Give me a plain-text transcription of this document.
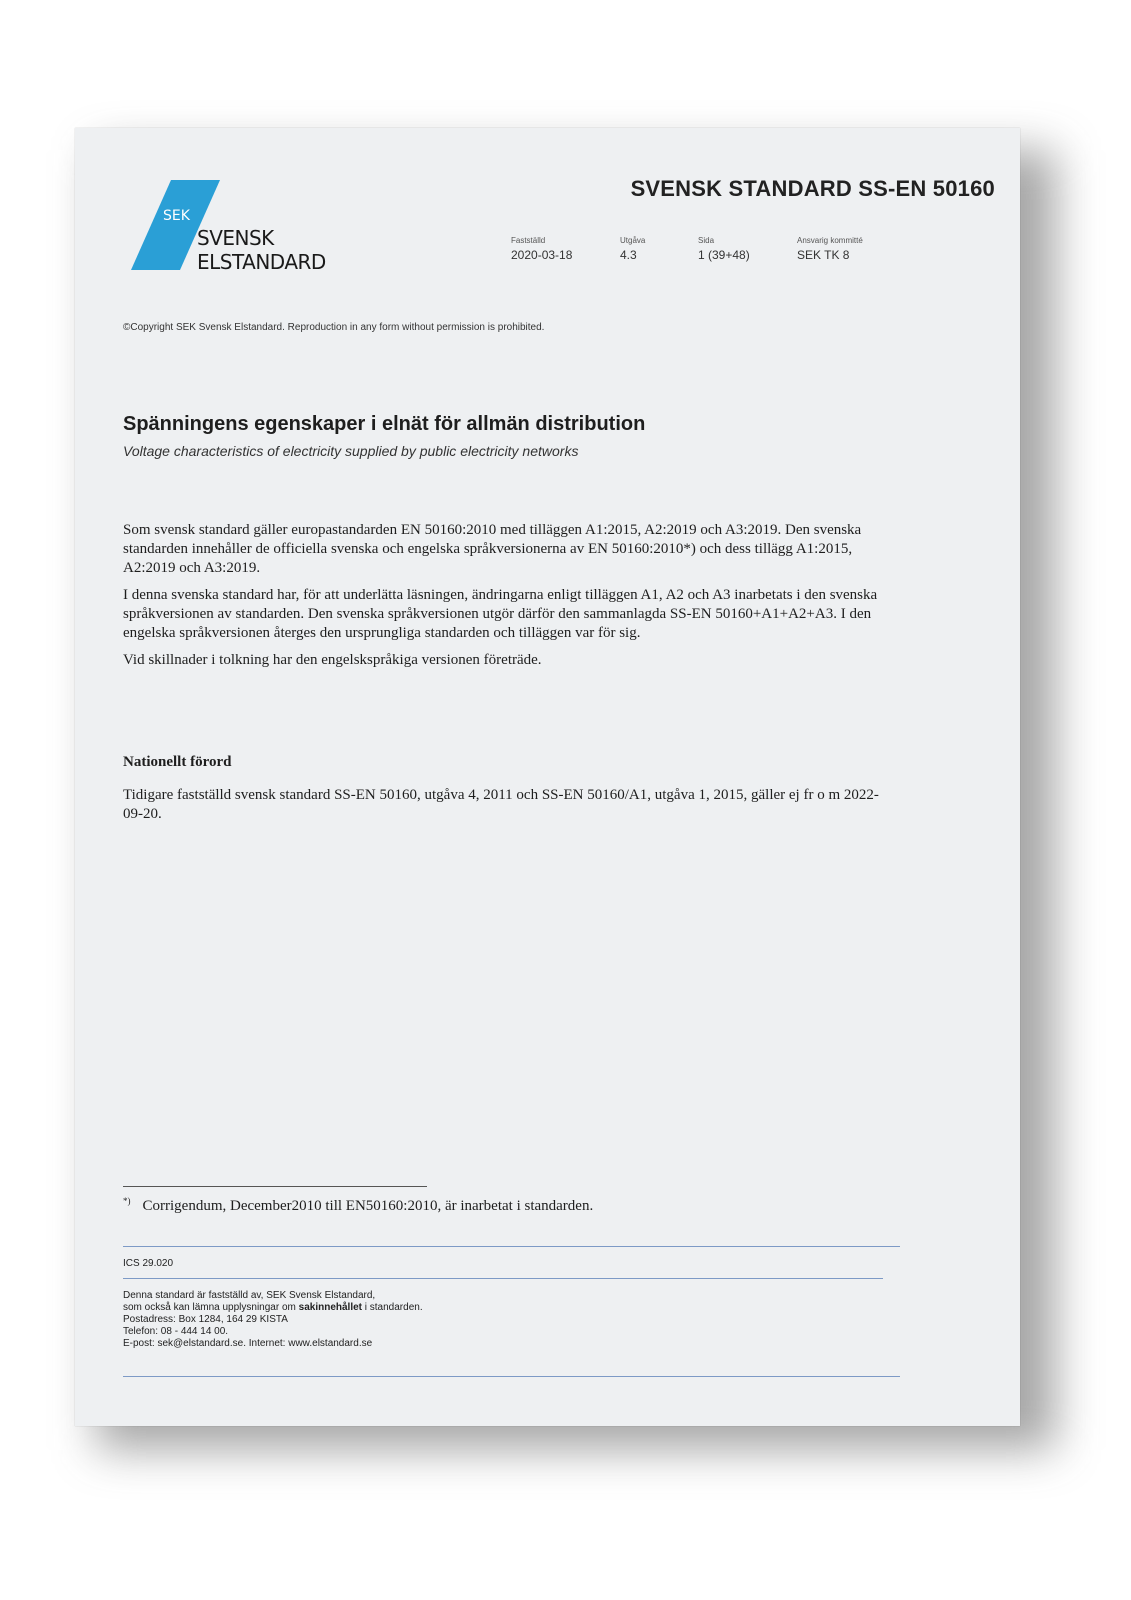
SEK
SVENSK
ELSTANDARD
SVENSK STANDARD SS-EN 50160
Fastställd
2020-03-18
Utgåva
4.3
Sida
1 (39+48)
Ansvarig kommitté
SEK TK 8
©Copyright SEK Svensk Elstandard. Reproduction in any form without permission is prohibited.
Spänningens egenskaper i elnät för allmän distribution
Voltage characteristics of electricity supplied by public electricity networks

Som svensk standard gäller europastandarden EN 50160:2010 med tilläggen A1:2015, A2:2019 och A3:2019. Den svenska standarden innehåller de officiella svenska och engelska språkversionerna av EN 50160:2010*) och dess tillägg A1:2015, A2:2019 och A3:2019.

I denna svenska standard har, för att underlätta läsningen, ändringarna enligt tilläggen A1, A2 och A3 inarbetats i den svenska språkversionen av standarden. Den svenska språkversionen utgör därför den sammanlagda SS-EN 50160+A1+A2+A3. I den engelska språkversionen återges den ursprungliga standarden och tilläggen var för sig.

Vid skillnader i tolkning har den engelskspråkiga versionen företräde.

Nationellt förord

Tidigare fastställd svensk standard SS-EN 50160, utgåva 4, 2011 och SS-EN 50160/A1, utgåva 1, 2015, gäller ej fr o m 2022-09-20.

*) Corrigendum, December2010 till EN50160:2010, är inarbetat i standarden.
ICS 29.020
Denna standard är fastställd av, SEK Svensk Elstandard,
som också kan lämna upplysningar om sakinnehållet i standarden.
Postadress: Box 1284, 164 29 KISTA
Telefon: 08 - 444 14 00.
E-post: sek@elstandard.se. Internet: www.elstandard.se
